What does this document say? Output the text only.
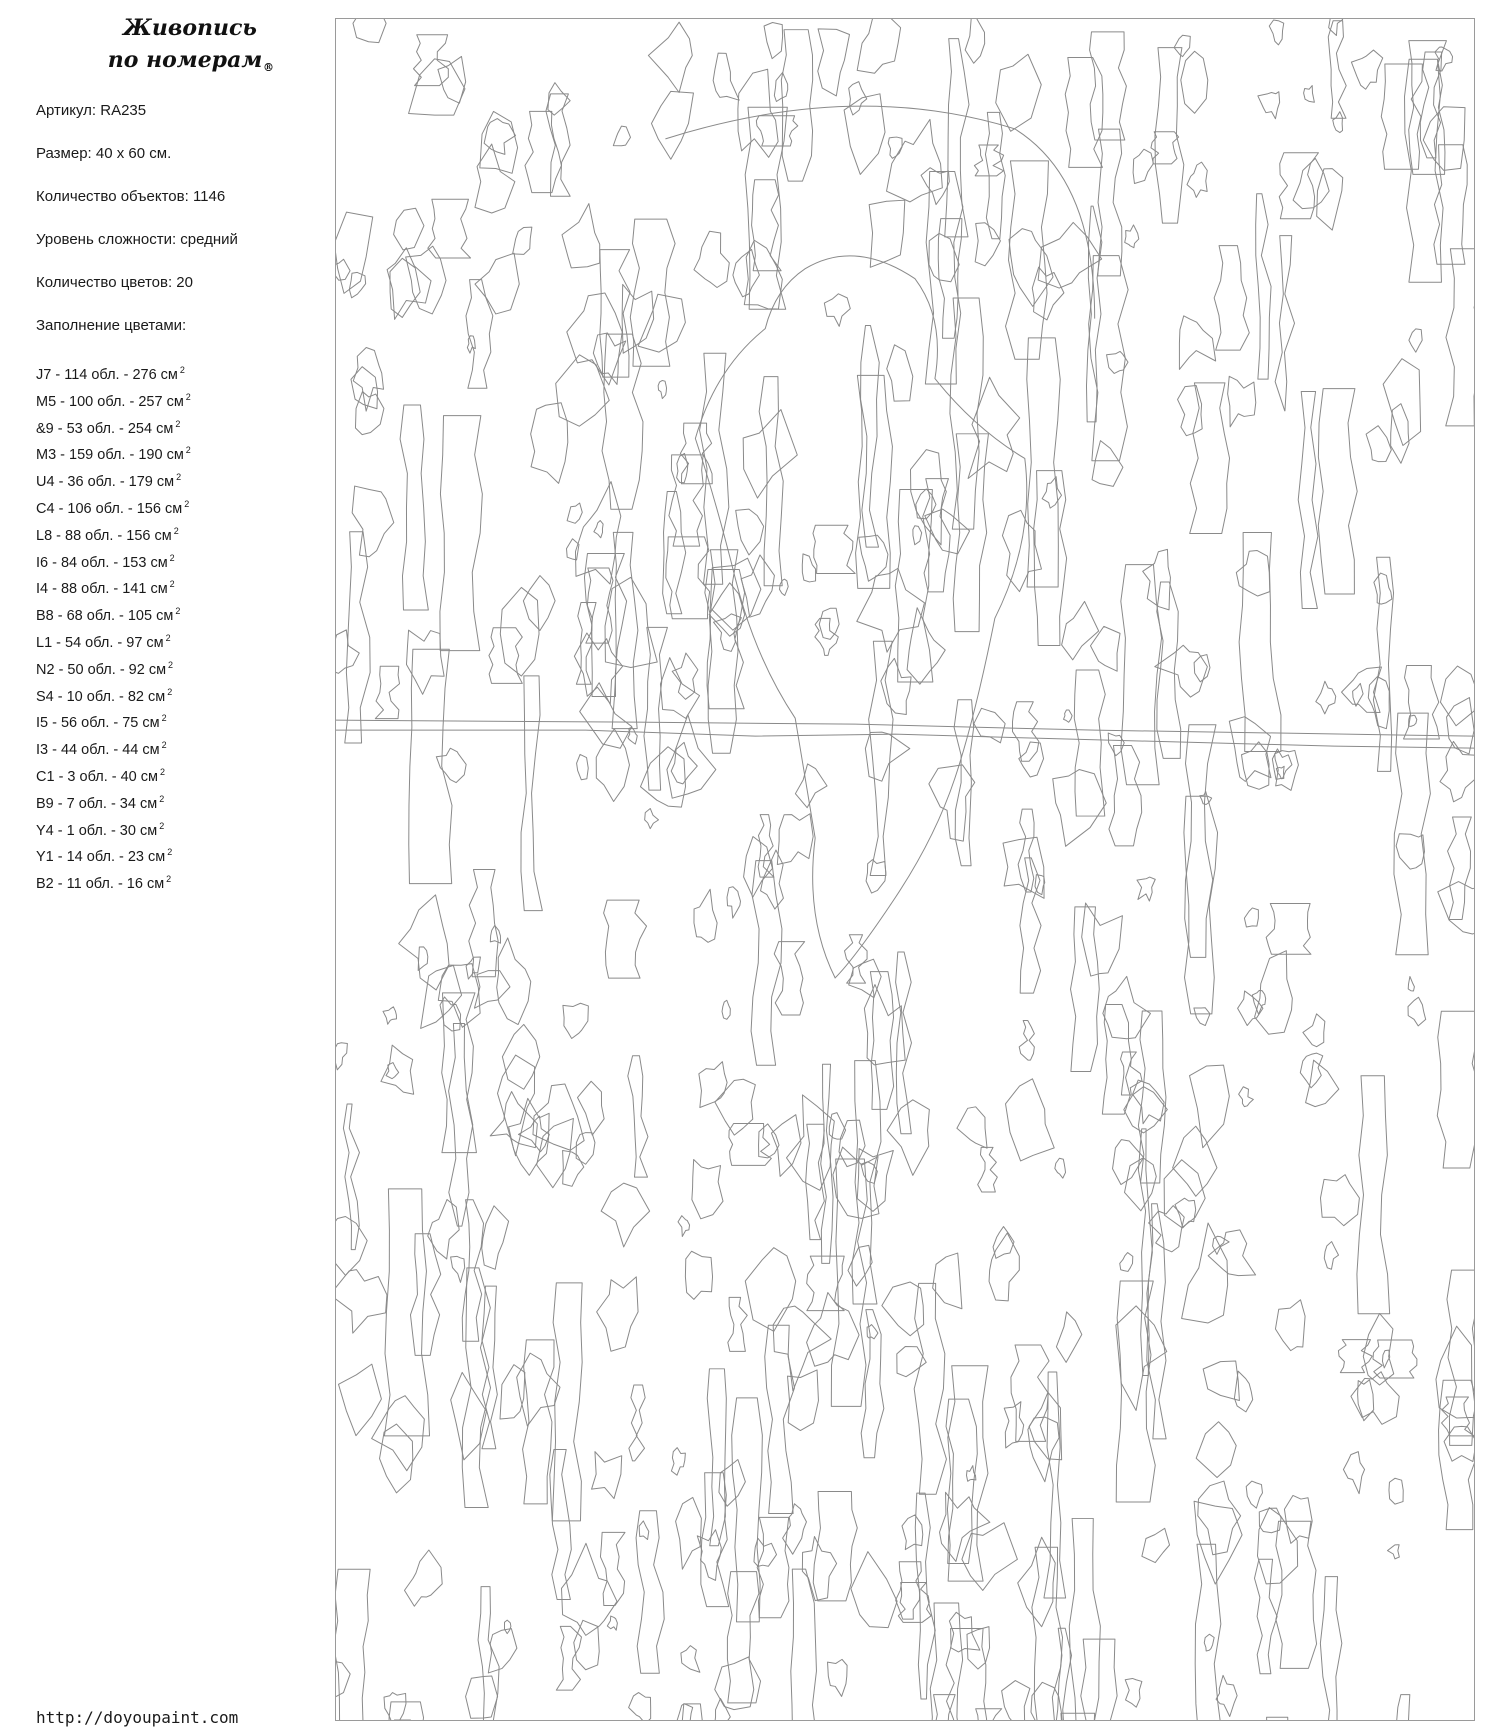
Живопись
по номерам ®

Артикул: RA235

Размер: 40 х 60 см.

Количество объектов: 1146

Уровень сложности: средний

Количество цветов: 20

Заполнение цветами:

J7 - 114 обл. - 276 см $^2$
M5 - 100 обл. - 257 см $^2$
&9 - 53 обл. - 254 см $^2$
M3 - 159 обл. - 190 см $^2$
U4 - 36 обл. - 179 см $^2$
C4 - 106 обл. - 156 см $^2$
L8 - 88 обл. - 156 см $^2$
I6 - 84 обл. - 153 см $^2$
I4 - 88 обл. - 141 см $^2$
B8 - 68 обл. - 105 см $^2$
L1 - 54 обл. - 97 см $^2$
N2 - 50 обл. - 92 см $^2$
S4 - 10 обл. - 82 см $^2$
I5 - 56 обл. - 75 см $^2$
I3 - 44 обл. - 44 см $^2$
C1 - 3 обл. - 40 см $^2$
B9 - 7 обл. - 34 см $^2$
Y4 - 1 обл. - 30 см $^2$
Y1 - 14 обл. - 23 см $^2$
B2 - 11 обл. - 16 см $^2$
http://doyoupaint.com
